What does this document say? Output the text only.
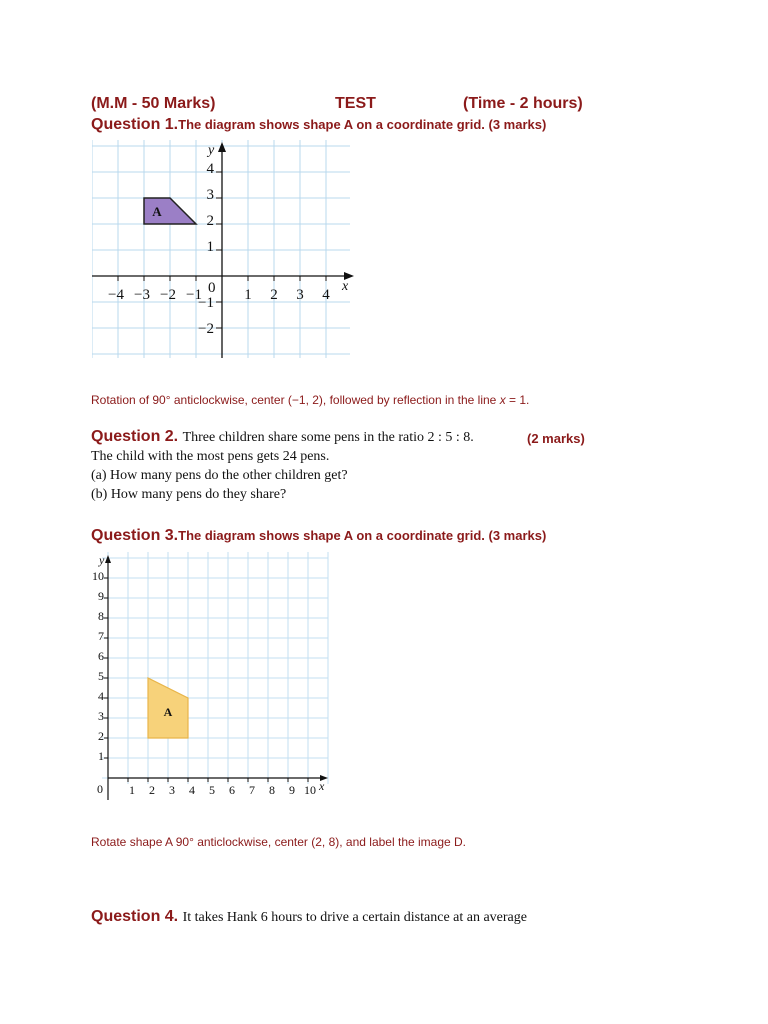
(M.M - 50 Marks)	TEST	(Time - 2 hours)
Question 1.The diagram shows shape A on a coordinate grid. (3 marks)
A
x
y
0
−4 −3 −2 −1	1 2 3 4
4
3
2
1
−1
−2
Rotation of 90° anticlockwise, center (−1, 2), followed by reflection in the line x = 1.
Question 2. Three children share some pens in the ratio 2 : 5 : 8.	(2 marks)
The child with the most pens gets 24 pens.
(a) How many pens do the other children get?
(b) How many pens do they share?
Question 3.The diagram shows shape A on a coordinate grid. (3 marks)
A
x
y
0 1 2 3 4 5 6 7 8 9 10
10
9
8
7
6
5
4
3
2
1
Rotate shape A 90° anticlockwise, center (2, 8), and label the image D.
Question 4. It takes Hank 6 hours to drive a certain distance at an average
